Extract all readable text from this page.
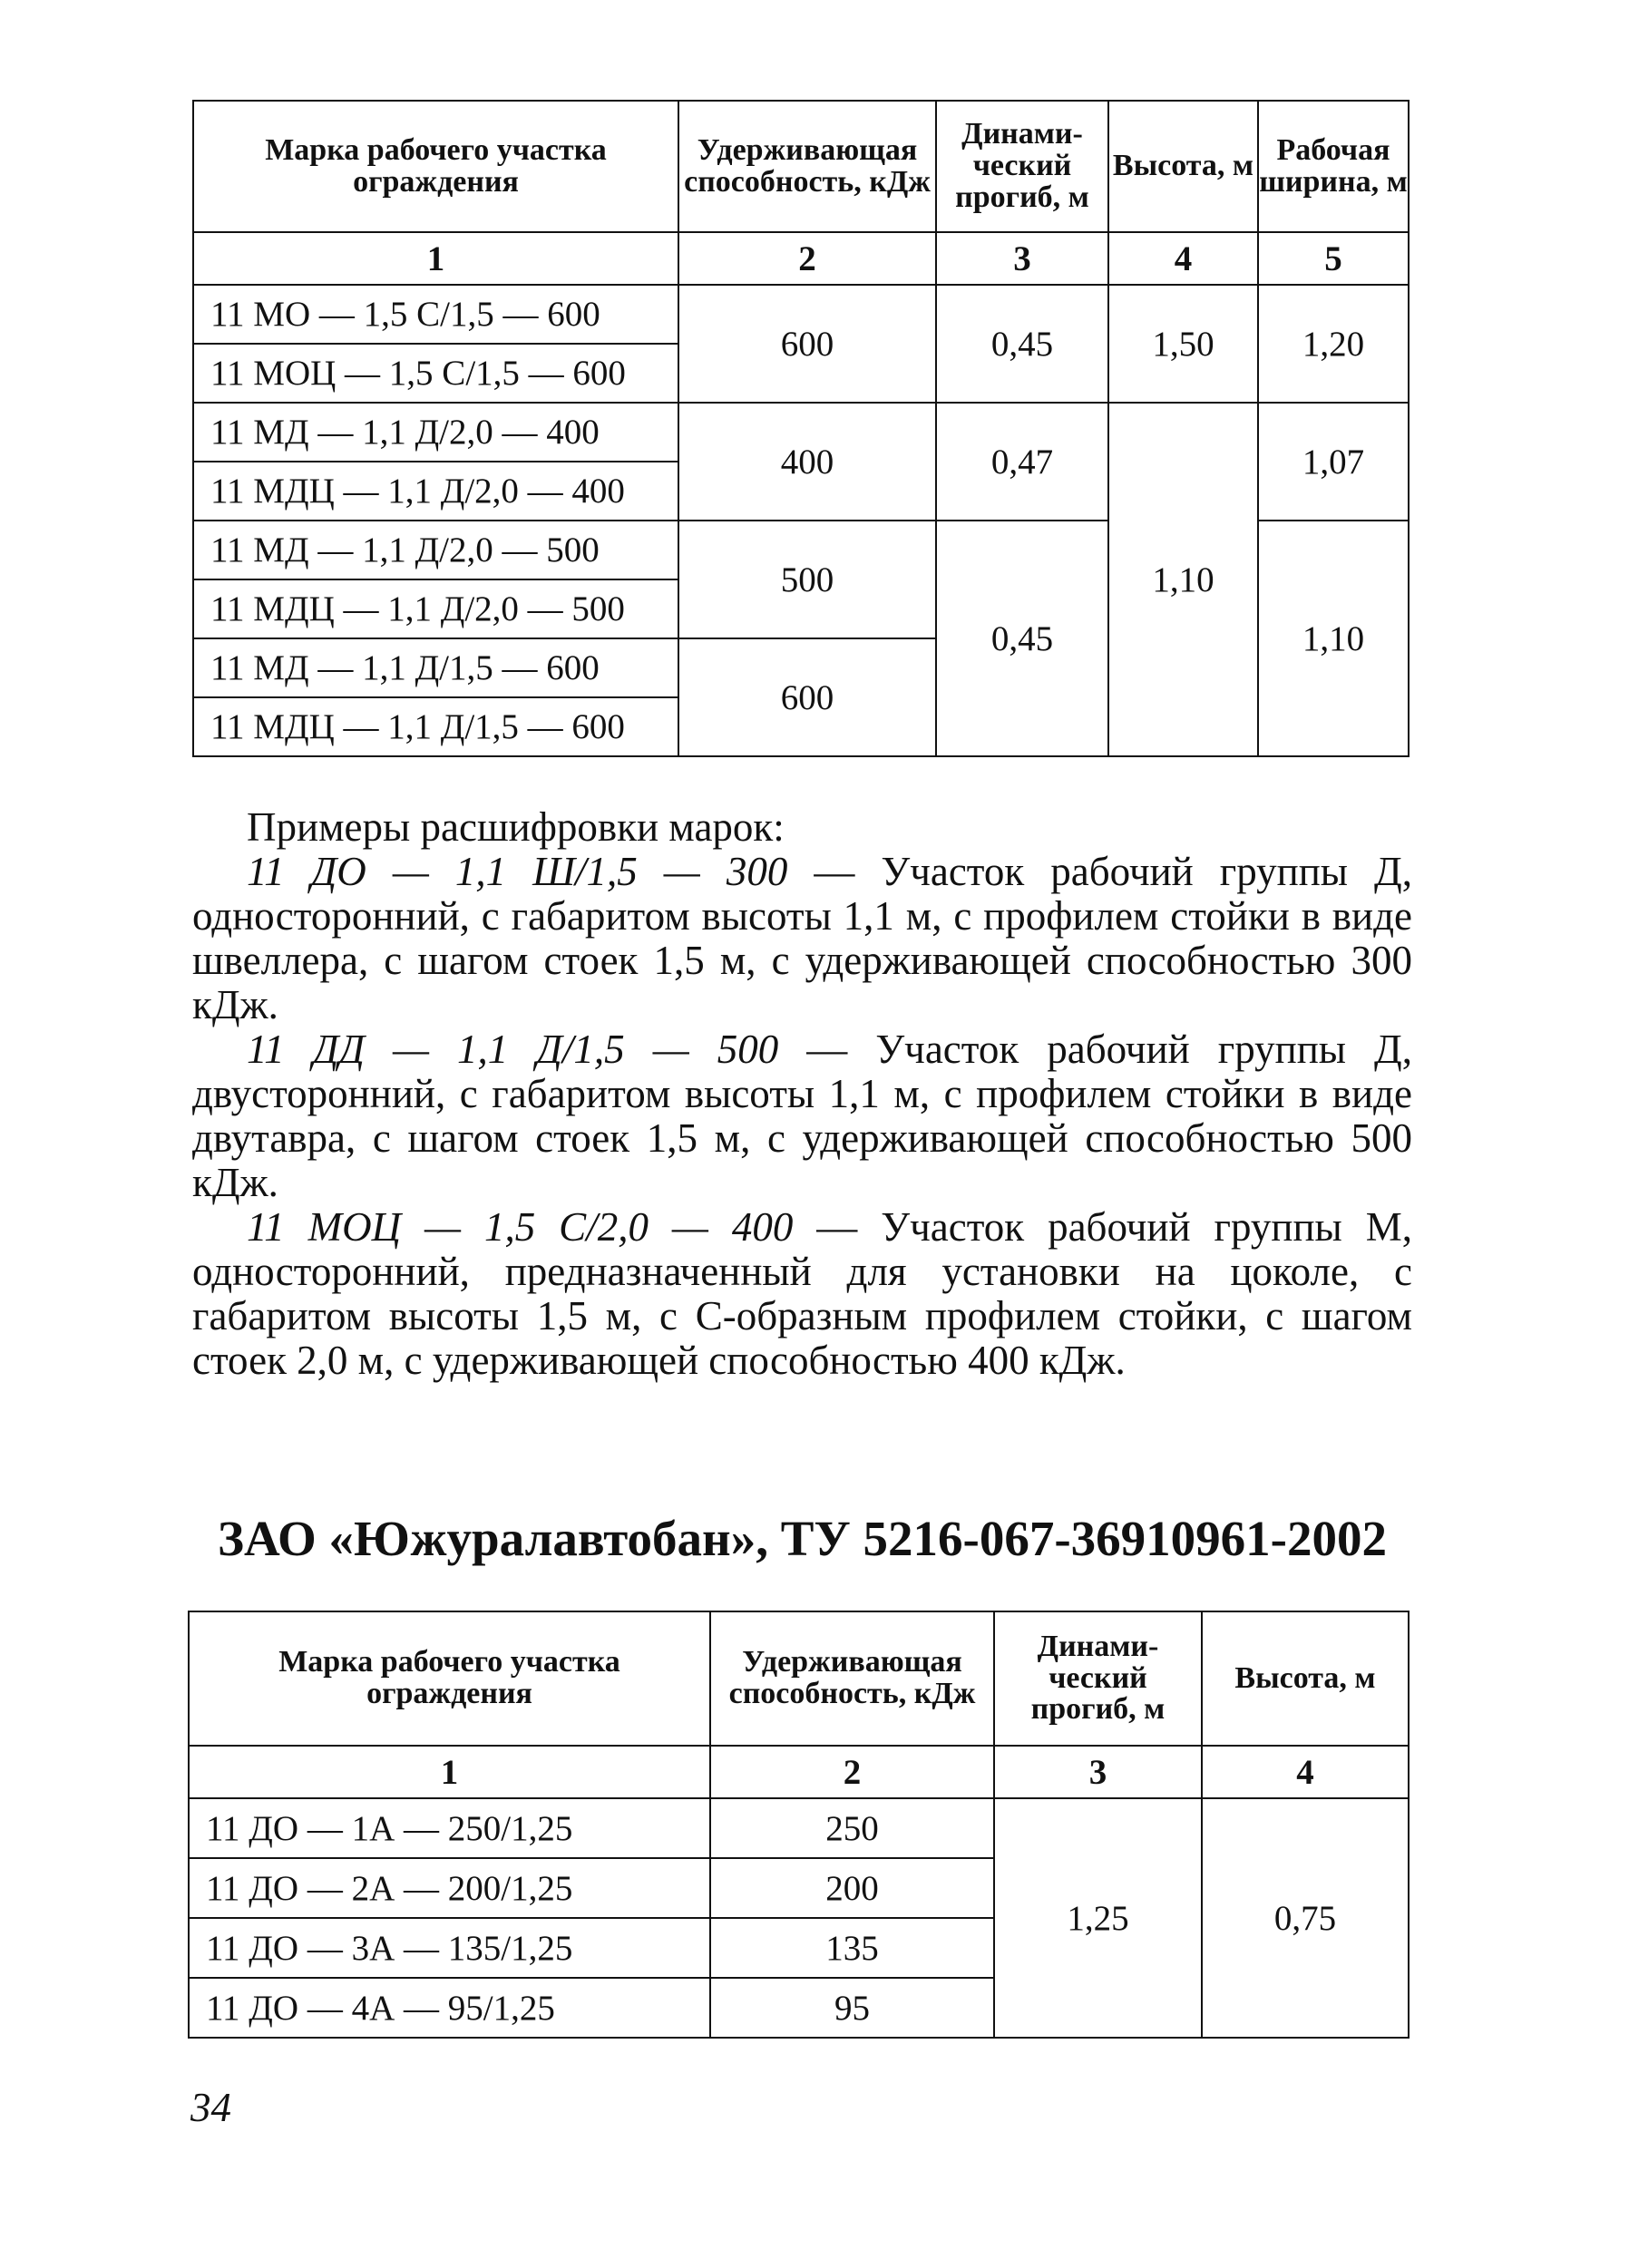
Марка рабочего участка ограждения	Удерживающая способность, кДж	Динами-ческий прогиб, м	Высота, м	Рабочая ширина, м
1	2	3	4	5
11 МО — 1,5 С/1,5 — 600	600	0,45	1,50	1,20
11 МОЦ — 1,5 С/1,5 — 600				
11 МД — 1,1 Д/2,0 — 400	400	0,47	1,10	1,07
11 МДЦ — 1,1 Д/2,0 — 400				
11 МД — 1,1 Д/2,0 — 500	500	0,45		1,10
11 МДЦ — 1,1 Д/2,0 — 500				
11 МД — 1,1 Д/1,5 — 600	600			
11 МДЦ — 1,1 Д/1,5 — 600				

Примеры расшифровки марок:

11 ДО — 1,1 Ш/1,5 — 300 — Участок рабочий группы Д, односторонний, с габаритом высоты 1,1 м, с профилем стойки в виде швеллера, с шагом стоек 1,5 м, с удерживающей способностью 300 кДж.

11 ДД — 1,1 Д/1,5 — 500 — Участок рабочий группы Д, двусторонний, с габаритом высоты 1,1 м, с профилем стойки в виде двутавра, с шагом стоек 1,5 м, с удерживающей способностью 500 кДж.

11 МОЦ — 1,5 С/2,0 — 400 — Участок рабочий группы М, односторонний, предназначенный для установки на цоколе, с габаритом высоты 1,5 м, с С-образным профилем стойки, с шагом стоек 2,0 м, с удерживающей способностью 400 кДж.

ЗАО «Южуралавтобан», ТУ 5216-067-36910961-2002
Марка рабочего участка ограждения	Удерживающая способность, кДж	Динами-ческий прогиб, м	Высота, м
1	2	3	4
11 ДО — 1А — 250/1,25	250	1,25	0,75
11 ДО — 2А — 200/1,25	200		
11 ДО — 3А — 135/1,25	135		
11 ДО — 4А — 95/1,25	95		
34
